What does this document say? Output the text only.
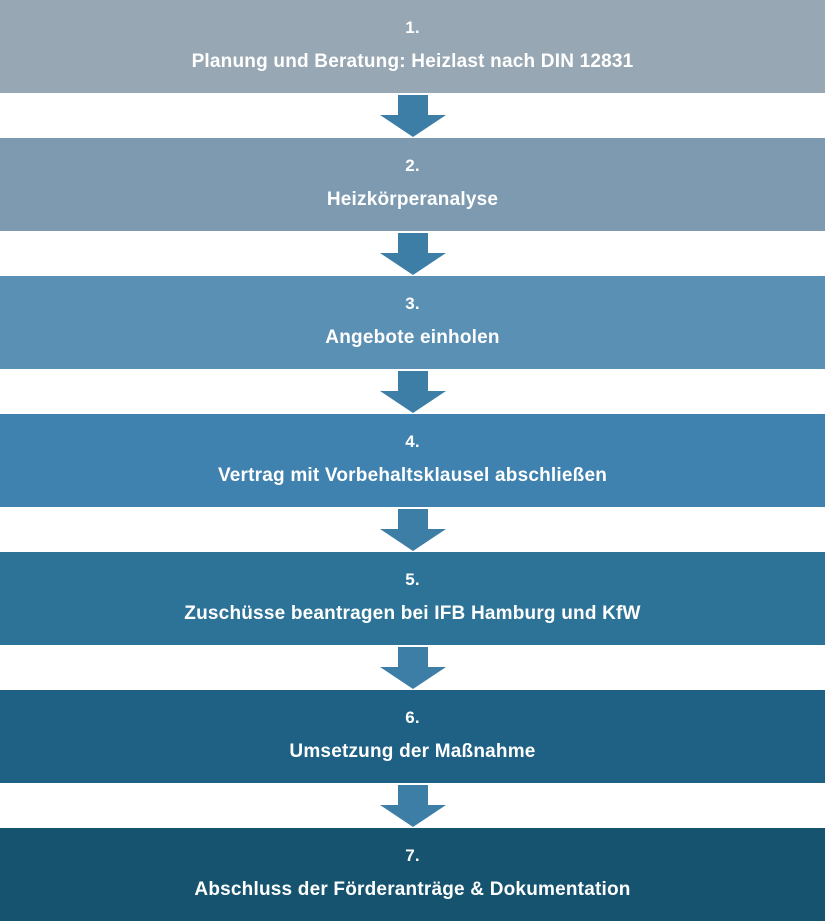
1.
Planung und Beratung: Heizlast nach DIN 12831
2.
Heizkörperanalyse
3.
Angebote einholen
4.
Vertrag mit Vorbehaltsklausel abschließen
5.
Zuschüsse beantragen bei IFB Hamburg und KfW
6.
Umsetzung der Maßnahme
7.
Abschluss der Förderanträge & Dokumentation
